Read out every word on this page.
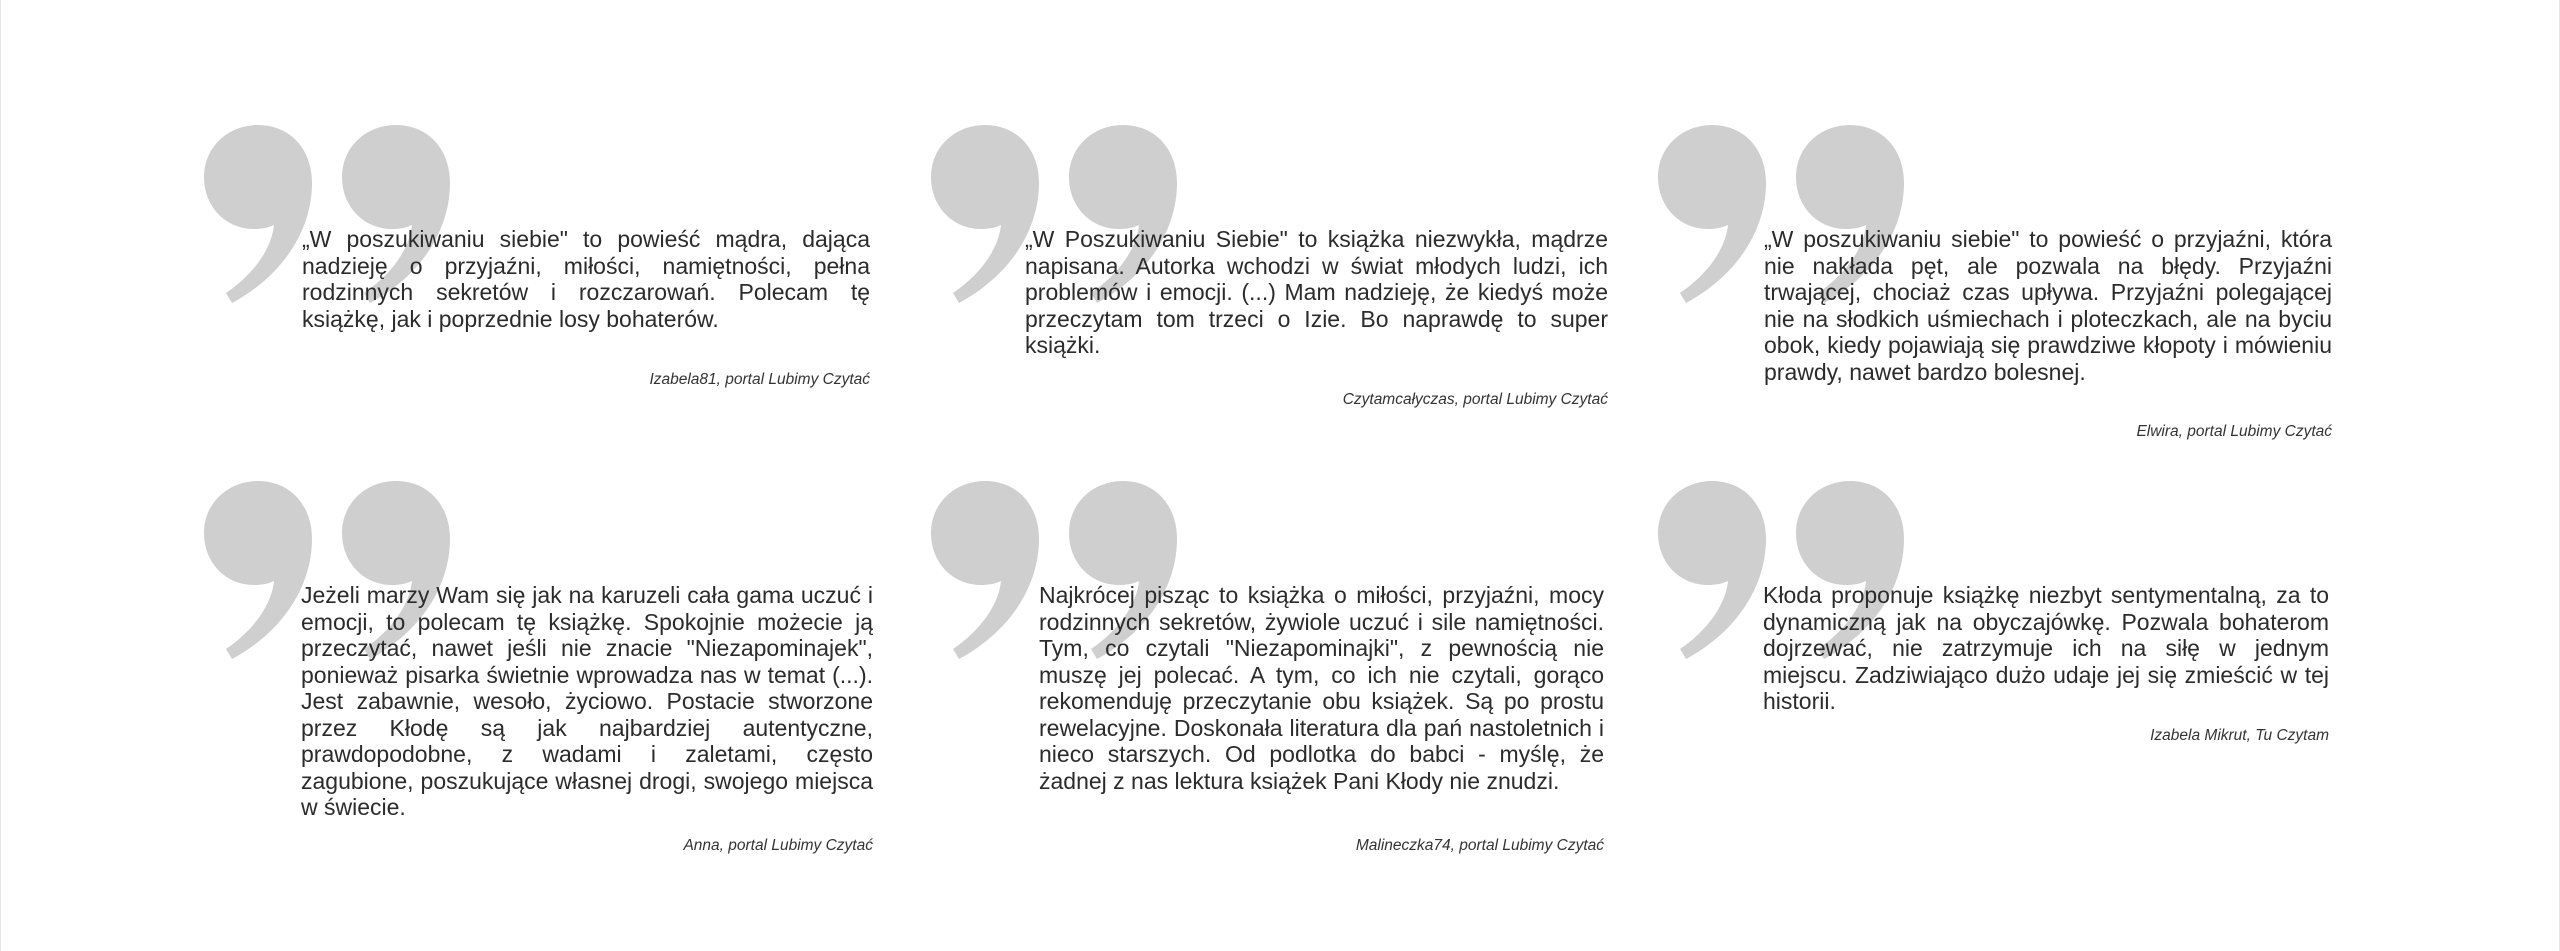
„W poszukiwaniu siebie" to powieść mądra, dająca nadzieję o przyjaźni, miłości, namiętności, pełna rodzinnych sekretów i rozczarowań. Polecam tę książkę, jak i poprzednie losy bohaterów.

Izabela81, portal Lubimy Czytać

„W Poszukiwaniu Siebie" to książka niezwykła, mądrze napisana. Autorka wchodzi w świat młodych ludzi, ich problemów i emocji. (...) Mam nadzieję, że kiedyś może przeczytam tom trzeci o Izie. Bo naprawdę to super książki.

Czytamcałyczas, portal Lubimy Czytać

„W poszukiwaniu siebie" to powieść o przyjaźni, która nie nakłada pęt, ale pozwala na błędy. Przyjaźni trwającej, chociaż czas upływa. Przyjaźni polegającej nie na słodkich uśmiechach i ploteczkach, ale na byciu obok, kiedy pojawiają się prawdziwe kłopoty i mówieniu prawdy, nawet bardzo bolesnej.

Elwira, portal Lubimy Czytać

Jeżeli marzy Wam się jak na karuzeli cała gama uczuć i emocji, to polecam tę książkę. Spokojnie możecie ją przeczytać, nawet jeśli nie znacie "Niezapominajek", ponieważ pisarka świetnie wprowadza nas w temat (...). Jest zabawnie, wesoło, życiowo. Postacie stworzone przez Kłodę są jak najbardziej autentyczne, prawdopodobne, z wadami i zaletami, często zagubione, poszukujące własnej drogi, swojego miejsca w świecie.

Anna, portal Lubimy Czytać

Najkrócej pisząc to książka o miłości, przyjaźni, mocy rodzinnych sekretów, żywiole uczuć i sile namiętności. Tym, co czytali "Niezapominajki", z pewnością nie muszę jej polecać. A tym, co ich nie czytali, gorąco rekomenduję przeczytanie obu książek. Są po prostu rewelacyjne. Doskonała literatura dla pań nastoletnich i nieco starszych. Od podlotka do babci - myślę, że żadnej z nas lektura książek Pani Kłody nie znudzi.

Malineczka74, portal Lubimy Czytać

Kłoda proponuje książkę niezbyt sentymentalną, za to dynamiczną jak na obyczajówkę. Pozwala bohaterom dojrzewać, nie zatrzymuje ich na siłę w jednym miejscu. Zadziwiająco dużo udaje jej się zmieścić w tej historii.

Izabela Mikrut, Tu Czytam
